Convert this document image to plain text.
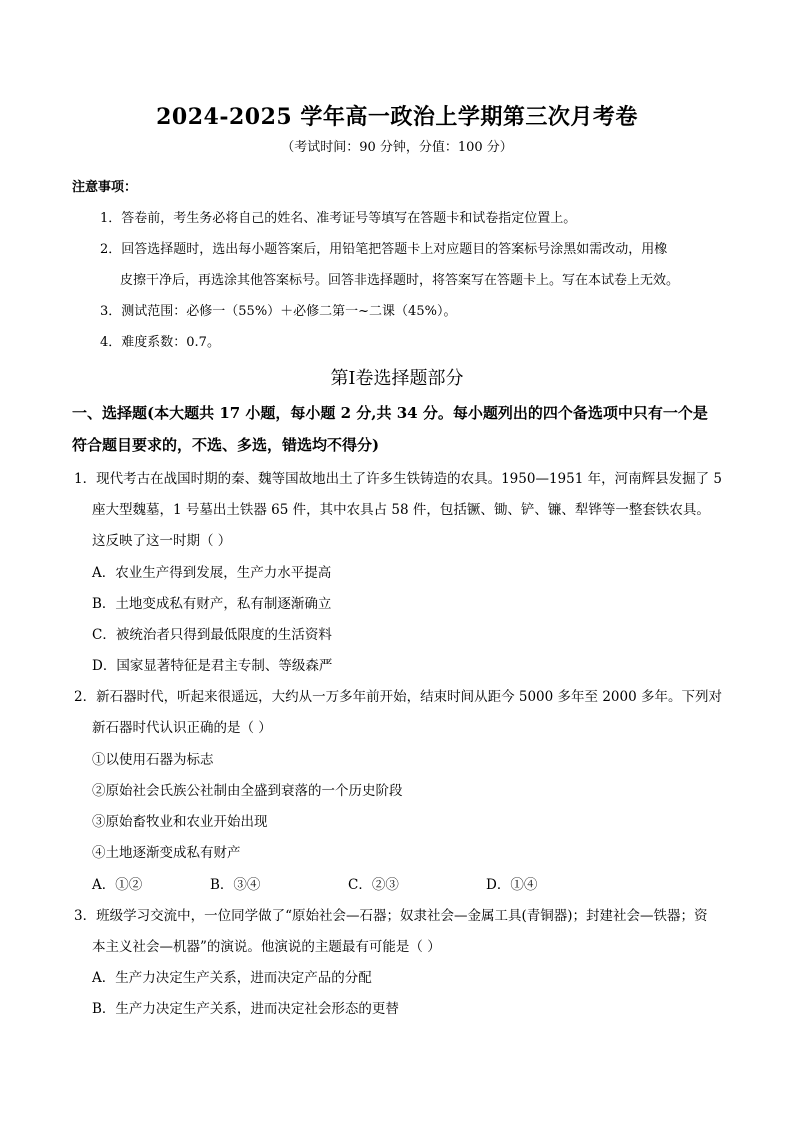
2024-2025 学年高一政治上学期第三次月考卷
（考试时间：90 分钟，分值：100 分）
注意事项：
1．答卷前，考生务必将自己的姓名、准考证号等填写在答题卡和试卷指定位置上。
2．回答选择题时，选出每小题答案后，用铅笔把答题卡上对应题目的答案标号涂黑如需改动，用橡
皮擦干净后，再选涂其他答案标号。回答非选择题时，将答案写在答题卡上。写在本试卷上无效。
3．测试范围：必修一（55%）＋必修二第一~二课（45%）。
4．难度系数：0.7。
第Ⅰ卷选择题部分
一、选择题(本大题共 17 小题，每小题 2 分,共 34 分。每小题列出的四个备选项中只有一个是
符合题目要求的，不选、多选，错选均不得分)
1．现代考古在战国时期的秦、魏等国故地出土了许多生铁铸造的农具。1950—1951 年，河南辉县发掘了 5
座大型魏墓，1 号墓出土铁器 65 件，其中农具占 58 件，包括镢、锄、铲、镰、犁铧等一整套铁农具。
这反映了这一时期（ ）
A．农业生产得到发展，生产力水平提高
B．土地变成私有财产，私有制逐渐确立
C．被统治者只得到最低限度的生活资料
D．国家显著特征是君主专制、等级森严
2．新石器时代，听起来很遥远，大约从一万多年前开始，结束时间从距今 5000 多年至 2000 多年。下列对
新石器时代认识正确的是（ ）
①以使用石器为标志
②原始社会氏族公社制由全盛到衰落的一个历史阶段
③原始畜牧业和农业开始出现
④土地逐渐变成私有财产
A．①②	B．③④	C．②③	D．①④
3．班级学习交流中，一位同学做了“原始社会—石器；奴隶社会—金属工具(青铜器)；封建社会—铁器；资
本主义社会—机器”的演说。他演说的主题最有可能是（ ）
A．生产力决定生产关系，进而决定产品的分配
B．生产力决定生产关系，进而决定社会形态的更替
